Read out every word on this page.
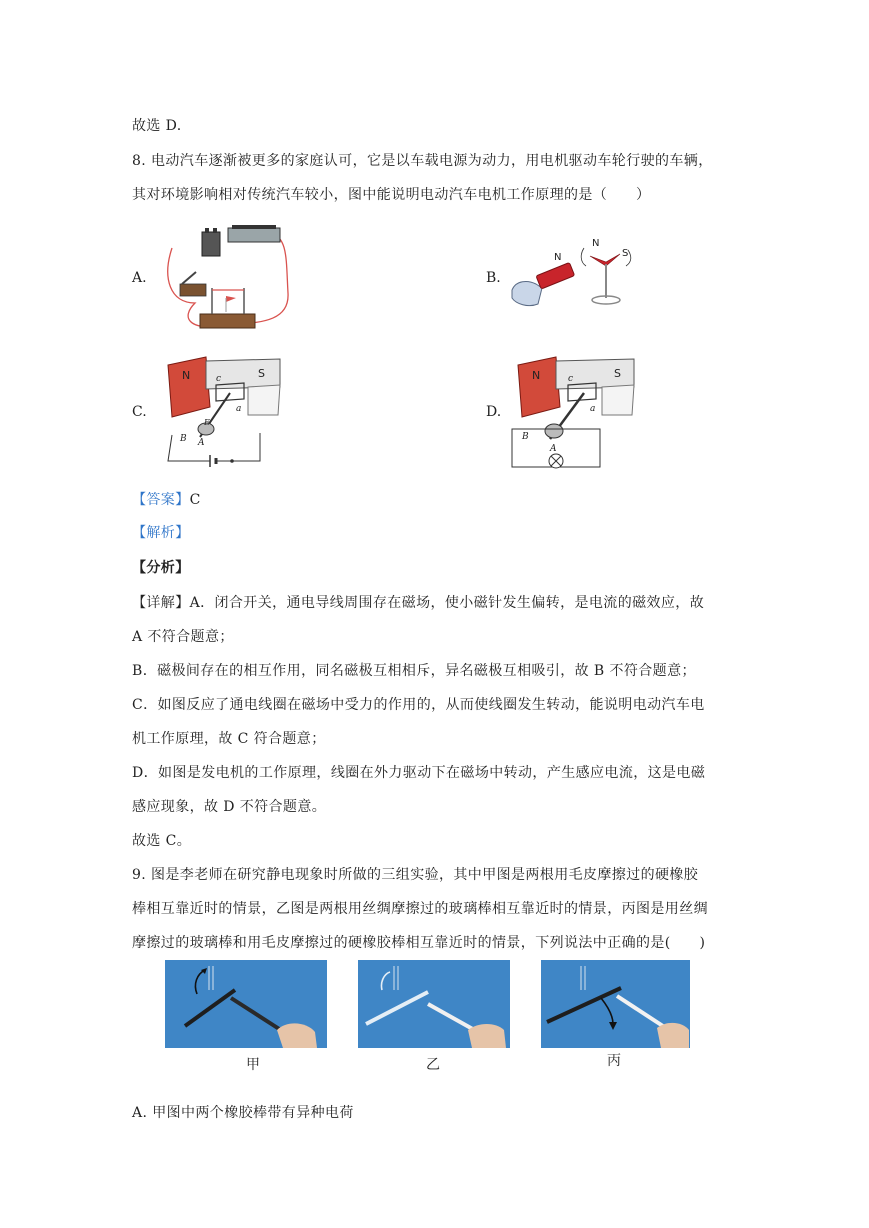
故选 D.
8. 电动汽车逐渐被更多的家庭认可，它是以车载电源为动力，用电机驱动车轮行驶的车辆，
其对环境影响相对传统汽车较小，图中能说明电动汽车电机工作原理的是（　　）
A.	B.
N
N
S
C.
N	S
c
a
E
B A
D.
N	S
c
a
B
A
【答案】C
【解析】
【分析】
【详解】A．闭合开关，通电导线周围存在磁场，使小磁针发生偏转，是电流的磁效应，故
A 不符合题意；
B．磁极间存在的相互作用，同名磁极互相相斥，异名磁极互相吸引，故 B 不符合题意；
C．如图反应了通电线圈在磁场中受力的作用的，从而使线圈发生转动，能说明电动汽车电
机工作原理，故 C 符合题意；
D．如图是发电机的工作原理，线圈在外力驱动下在磁场中转动，产生感应电流，这是电磁
感应现象，故 D 不符合题意。
故选 C。
9. 图是李老师在研究静电现象时所做的三组实验，其中甲图是两根用毛皮摩擦过的硬橡胶
棒相互靠近时的情景，乙图是两根用丝绸摩擦过的玻璃棒相互靠近时的情景，丙图是用丝绸
摩擦过的玻璃棒和用毛皮摩擦过的硬橡胶棒相互靠近时的情景，下列说法中正确的是(　　)
甲	乙	丙
A. 甲图中两个橡胶棒带有异种电荷
